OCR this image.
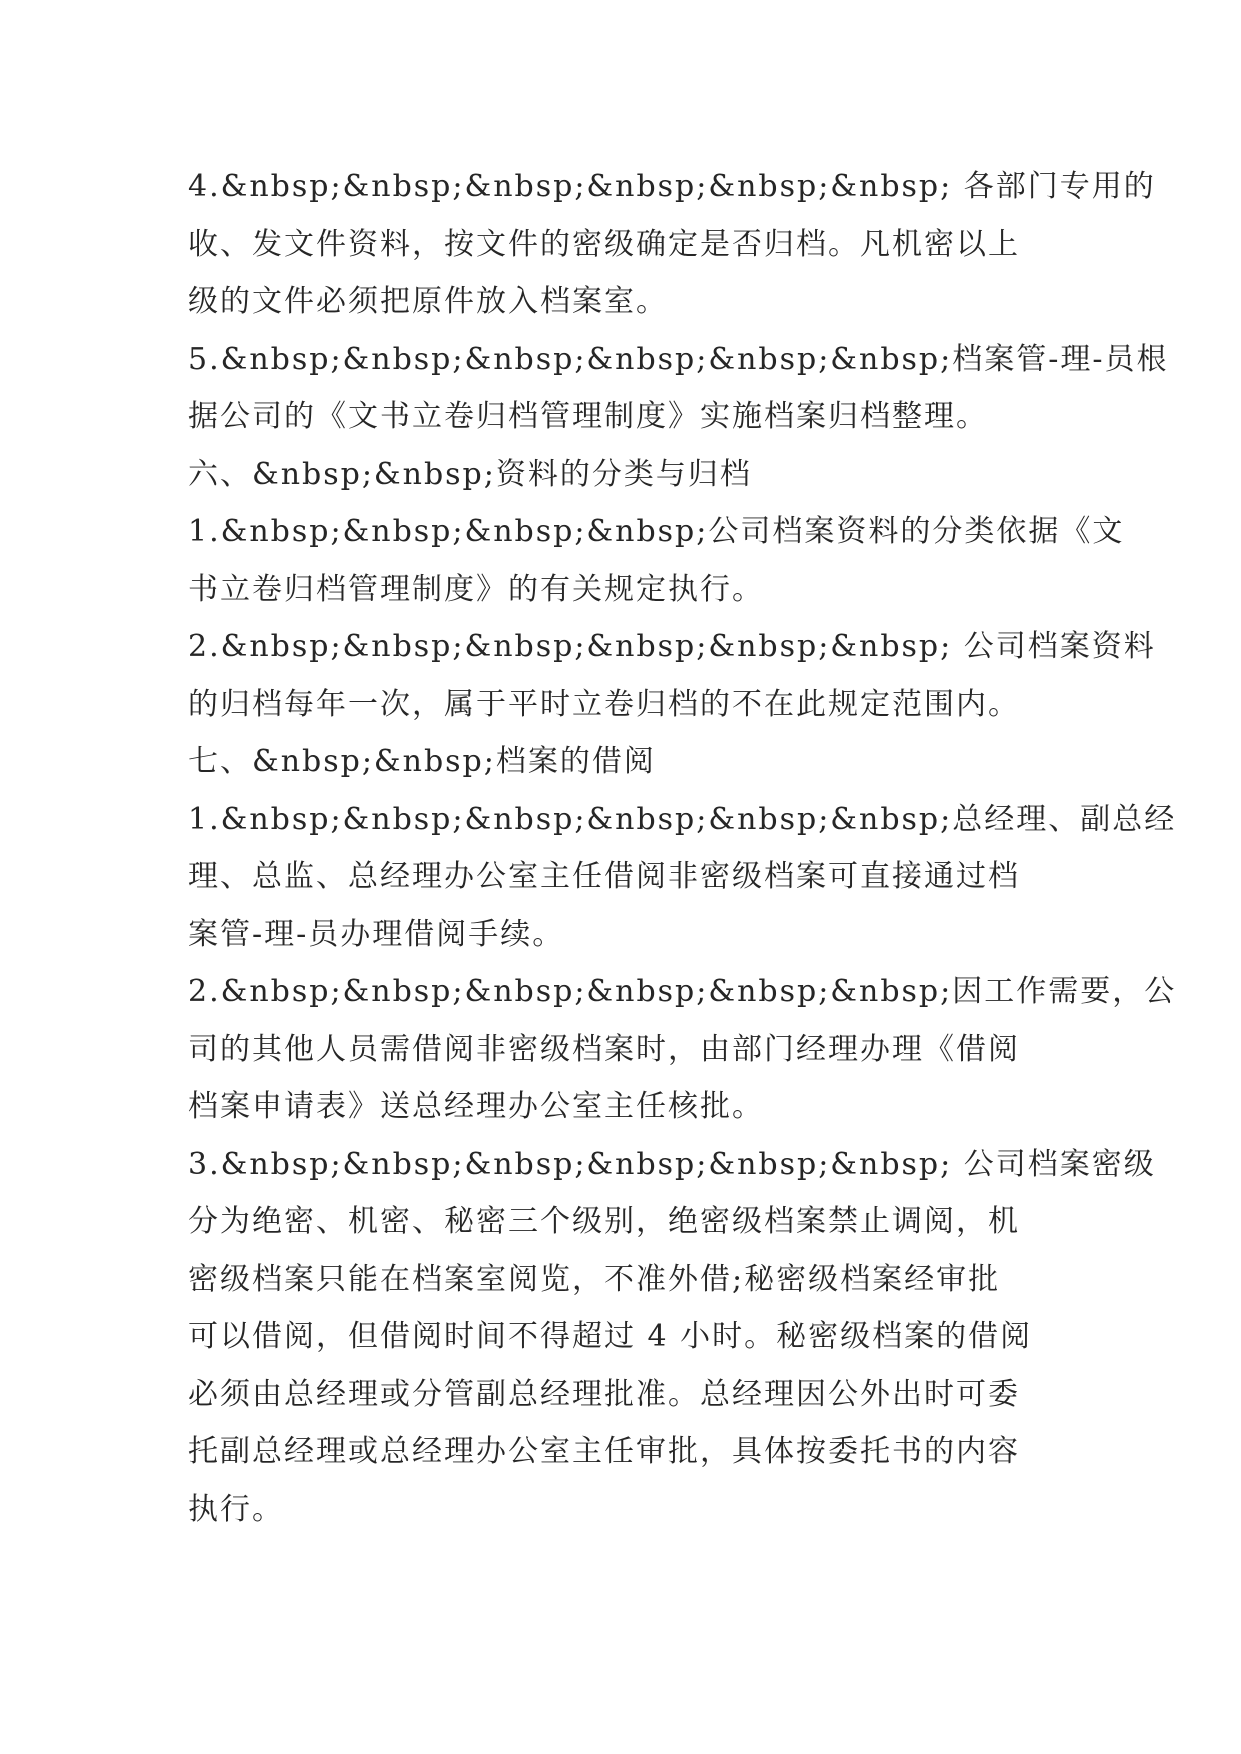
4.&nbsp;&nbsp;&nbsp;&nbsp;&nbsp;&nbsp; 各部门专用的
收、发文件资料，按文件的密级确定是否归档。凡机密以上
级的文件必须把原件放入档案室。
5.&nbsp;&nbsp;&nbsp;&nbsp;&nbsp;&nbsp;档案管-理-员根
据公司的《文书立卷归档管理制度》实施档案归档整理。
六、&nbsp;&nbsp;资料的分类与归档
1.&nbsp;&nbsp;&nbsp;&nbsp;公司档案资料的分类依据《文
书立卷归档管理制度》的有关规定执行。
2.&nbsp;&nbsp;&nbsp;&nbsp;&nbsp;&nbsp; 公司档案资料
的归档每年一次，属于平时立卷归档的不在此规定范围内。
七、&nbsp;&nbsp;档案的借阅
1.&nbsp;&nbsp;&nbsp;&nbsp;&nbsp;&nbsp;总经理、副总经
理、总监、总经理办公室主任借阅非密级档案可直接通过档
案管-理-员办理借阅手续。
2.&nbsp;&nbsp;&nbsp;&nbsp;&nbsp;&nbsp;因工作需要，公
司的其他人员需借阅非密级档案时，由部门经理办理《借阅
档案申请表》送总经理办公室主任核批。
3.&nbsp;&nbsp;&nbsp;&nbsp;&nbsp;&nbsp; 公司档案密级
分为绝密、机密、秘密三个级别，绝密级档案禁止调阅，机
密级档案只能在档案室阅览，不准外借;秘密级档案经审批
可以借阅，但借阅时间不得超过 4 小时。秘密级档案的借阅
必须由总经理或分管副总经理批准。总经理因公外出时可委
托副总经理或总经理办公室主任审批，具体按委托书的内容
执行。
